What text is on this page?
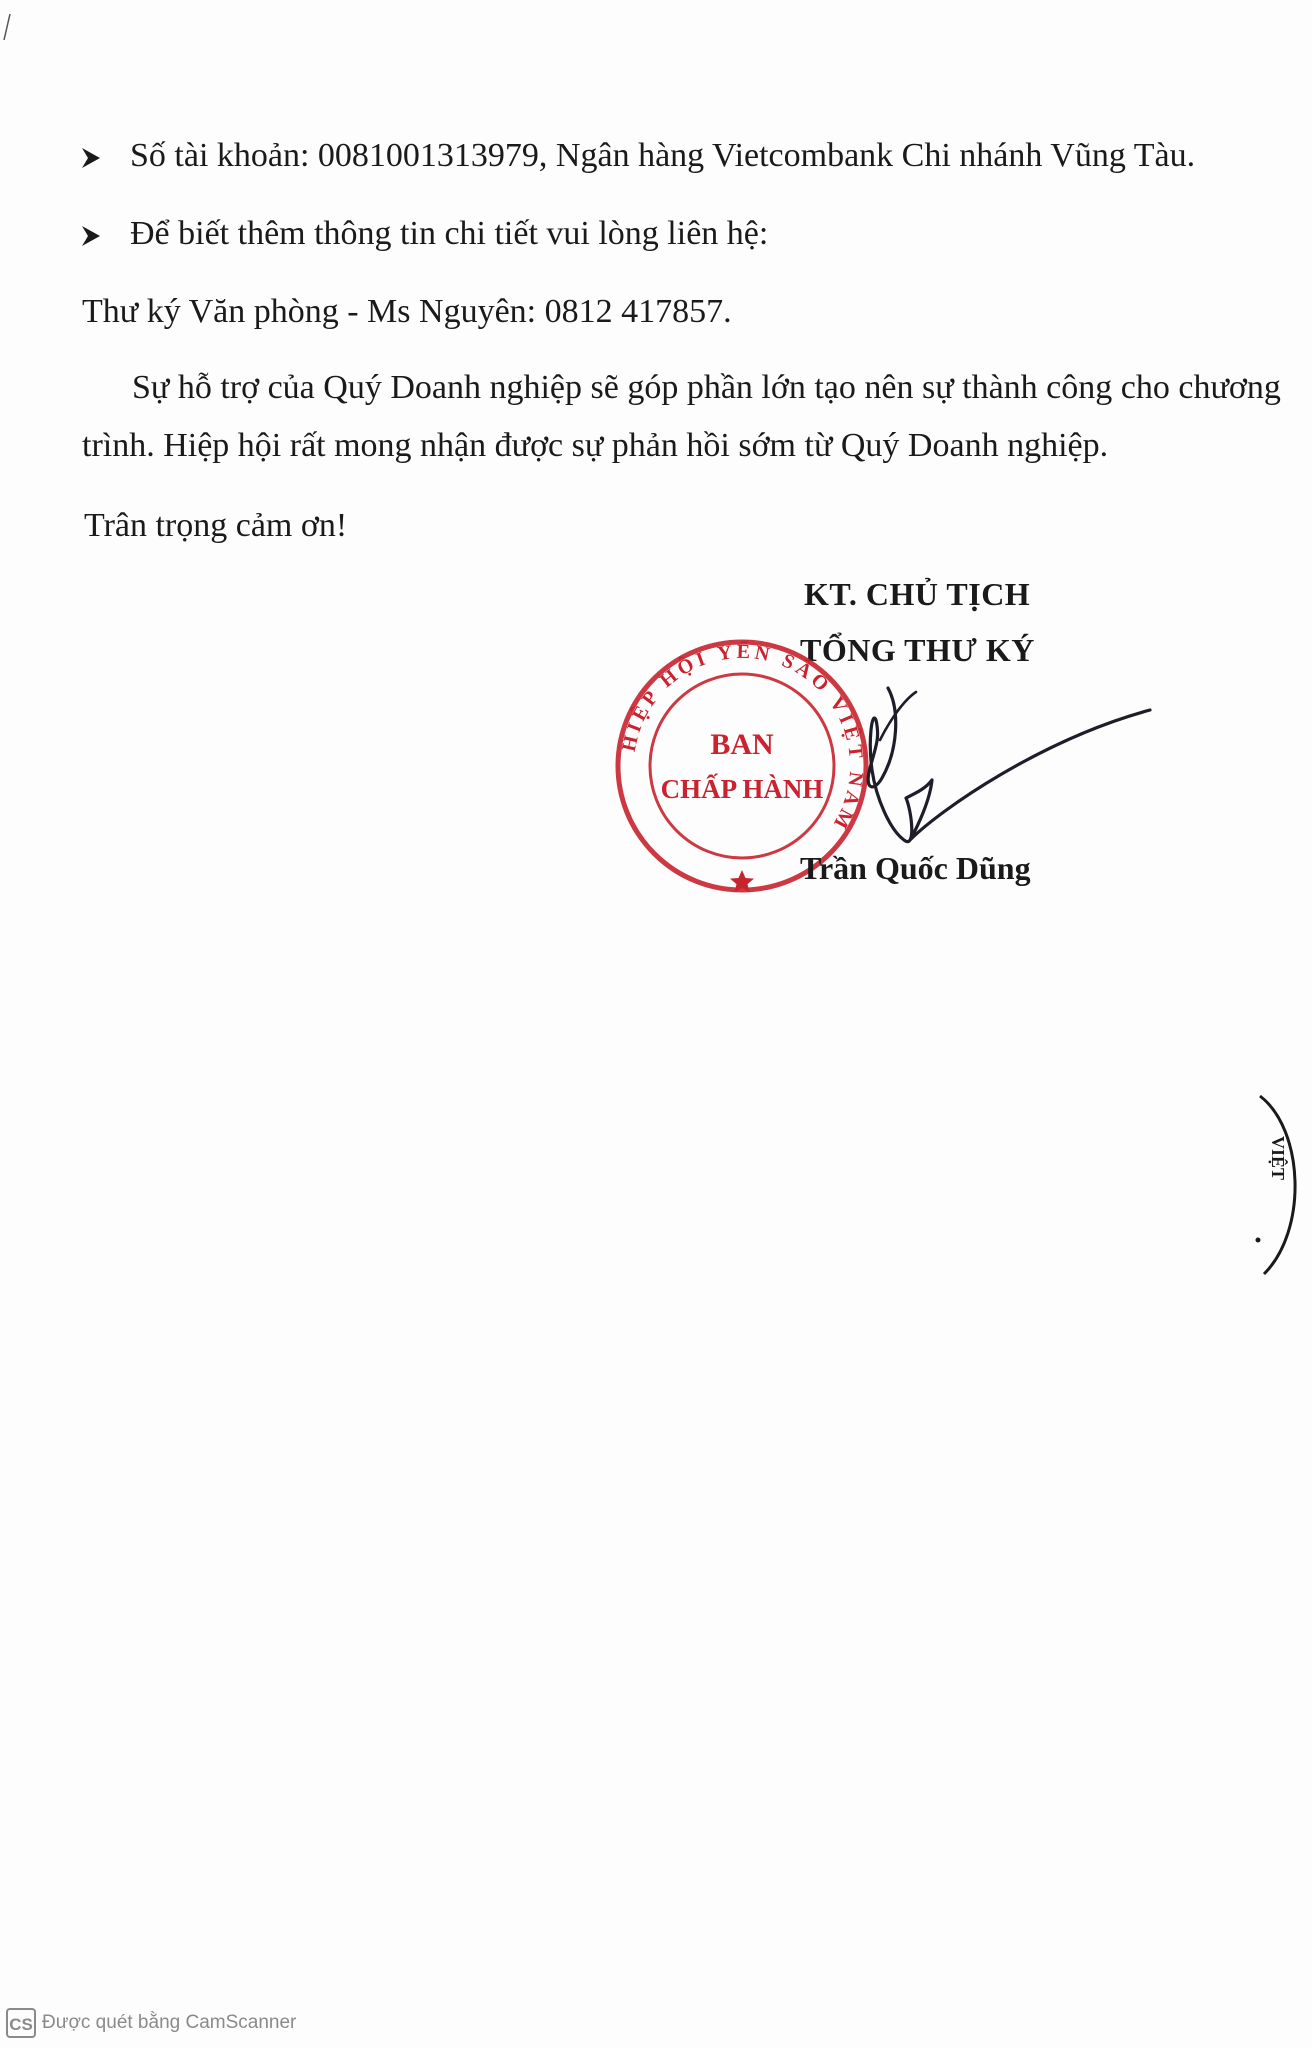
Số tài khoản: 0081001313979, Ngân hàng Vietcombank Chi nhánh Vũng Tàu.
Để biết thêm thông tin chi tiết vui lòng liên hệ:
Thư ký Văn phòng - Ms Nguyên: 0812 417857.
Sự hỗ trợ của Quý Doanh nghiệp sẽ góp phần lớn tạo nên sự thành công cho chương
trình. Hiệp hội rất mong nhận được sự phản hồi sớm từ Quý Doanh nghiệp.
Trân trọng cảm ơn!
KT. CHỦ TỊCH
TỔNG THƯ KÝ
HIỆP HỘI YẾN SÀO VIỆT NAM
BAN
CHẤP HÀNH
Trần Quốc Dũng
VIỆT
CS Được quét bằng CamScanner
